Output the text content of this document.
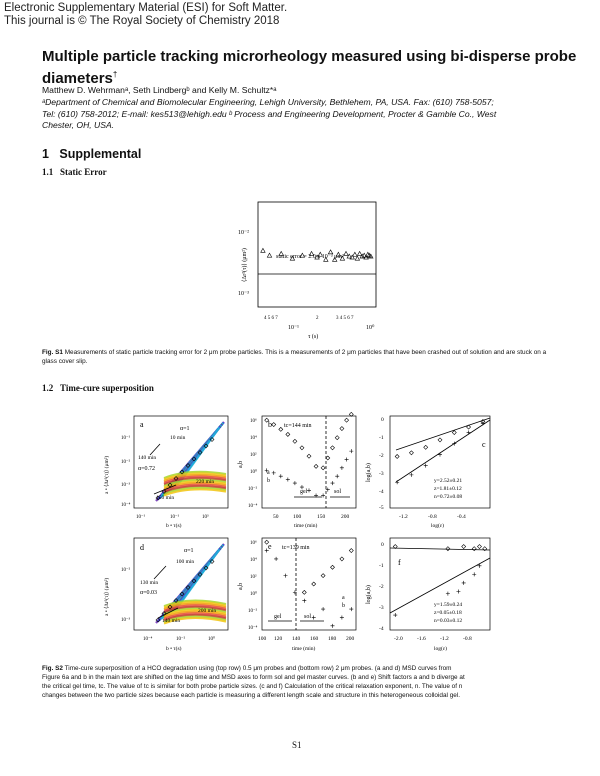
Electronic Supplementary Material (ESI) for Soft Matter.
This journal is © The Royal Society of Chemistry 2018
Multiple particle tracking microrheology measured using bi-disperse probe
diameters†
Matthew D. Wehrmanᵃ, Seth Lindbergᵇ and Kelly M. Schultz*ᵃ
ᵃDepartment of Chemical and Biomolecular Engineering, Lehigh University, Bethlehem, PA, USA. Fax: (610) 758-5057;
Tel: (610) 758-2012; E-mail: kes513@lehigh.edu ᵇ Process and Engineering Development, Procter & Gamble Co., West
Chester, OH, USA.
1 Supplemental
1.1 Static Error
static error = 2.0 x 10⁻³ μm²
10⁻²
10⁻³
⟨Δr²(τ)⟩ (μm²)
4 5 6 7	2	3 4 5 6 7
10⁻¹	10⁰
τ (s)
Fig. S1 Measurements of static particle tracking error for 2 μm probe particles. This is a measurements of 2 μm particles that have been crashed out of solution and are stuck on a glass cover slip.
1.2 Time-cure superposition
a	α=1
10 min
140 min
α=0.72
220 min
150 min
10⁻¹
10⁻²
10⁻³
10⁻⁴
a • ⟨Δr²(τ)⟩ (μm²)
10⁻¹	10⁻¹	10³
b • τ(s)
b tc=144 min
a
b
gel	sol
10⁶
10⁴
10²
10⁰
10⁻²
10⁻⁴
a,b
50	100	150	200
time (min)
c
y=2.52±0.21
z=1.81±0.12
n=0.72±0.08
0
-1
-2
-3
-4
-5
log(a,b)
-1.2	-0.8	-0.4
log(ε)
d	α=1
100 min
130 min
α=0.03
200 min
140 min
10⁻²
10⁻³
a • ⟨Δr²(τ)⟩ (μm²)
10⁻⁴	10⁻²	10⁰
b • τ(s)
e tc=139 min
a
b
gel	sol
10⁶
10⁴
10²
10⁰
10⁻²
10⁻⁴
a,b
100 120 140 160 180 200
time (min)
f
y=1.59±0.24
z=0.05±0.18
n=0.03±0.12
0
-1
-2
-3
-4
log(a,b)
-2.0	-1.6	-1.2	-0.8
log(ε)
Fig. S2 Time-cure superposition of a HCO degradation using (top row) 0.5 μm probes and (bottom row) 2 μm probes. (a and d) MSD curves from
Figure 6a and b in the main text are shifted on the lag time and MSD axes to form sol and gel master curves. (b and e) Shift factors a and b diverge at
the critical gel time, tc. The value of tc is similar for both probe particle sizes. (c and f) Calculation of the critical relaxation exponent, n. The value of n
changes between the two particle sizes because each particle is measuring a different length scale and structure in this heterogeneous colloidal gel.
S1
